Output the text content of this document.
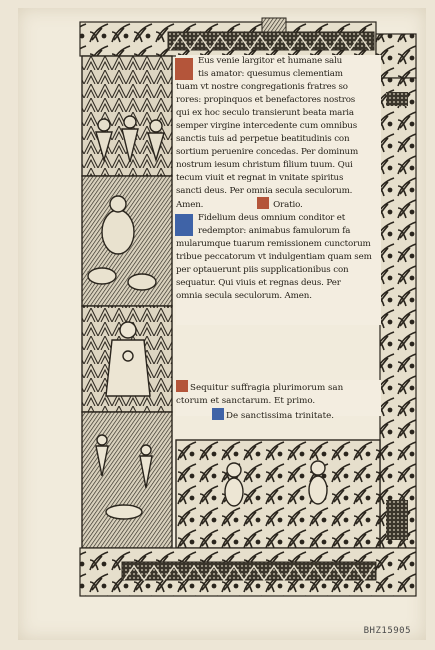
Eus venie largitor et humane salu
tis amator: quesumus clementiam
tuam vt nostre congregationis fratres so
rores: propinquos et benefactores nostros
qui ex hoc seculo transierunt beata maria
semper virgine intercedente cum omnibus
sanctis tuis ad perpetue beatitudinis con
sortium peruenire concedas. Per dominum
nostrum iesum christum filium tuum. Qui
tecum viuit et regnat in vnitate spiritus
sancti deus. Per omnia secula seculorum.
Amen.	Oratio.
Fidelium deus omnium conditor et
redemptor: animabus famulorum fa
mularumque tuarum remissionem cunctorum
tribue peccatorum vt indulgentiam quam sem
per optauerunt piis supplicationibus con
sequatur. Qui viuis et regnas deus. Per
omnia secula seculorum. Amen.
Sequitur suffragia plurimorum san
ctorum et sanctarum. Et primo.
De sanctissima trinitate.
BHZ15905
